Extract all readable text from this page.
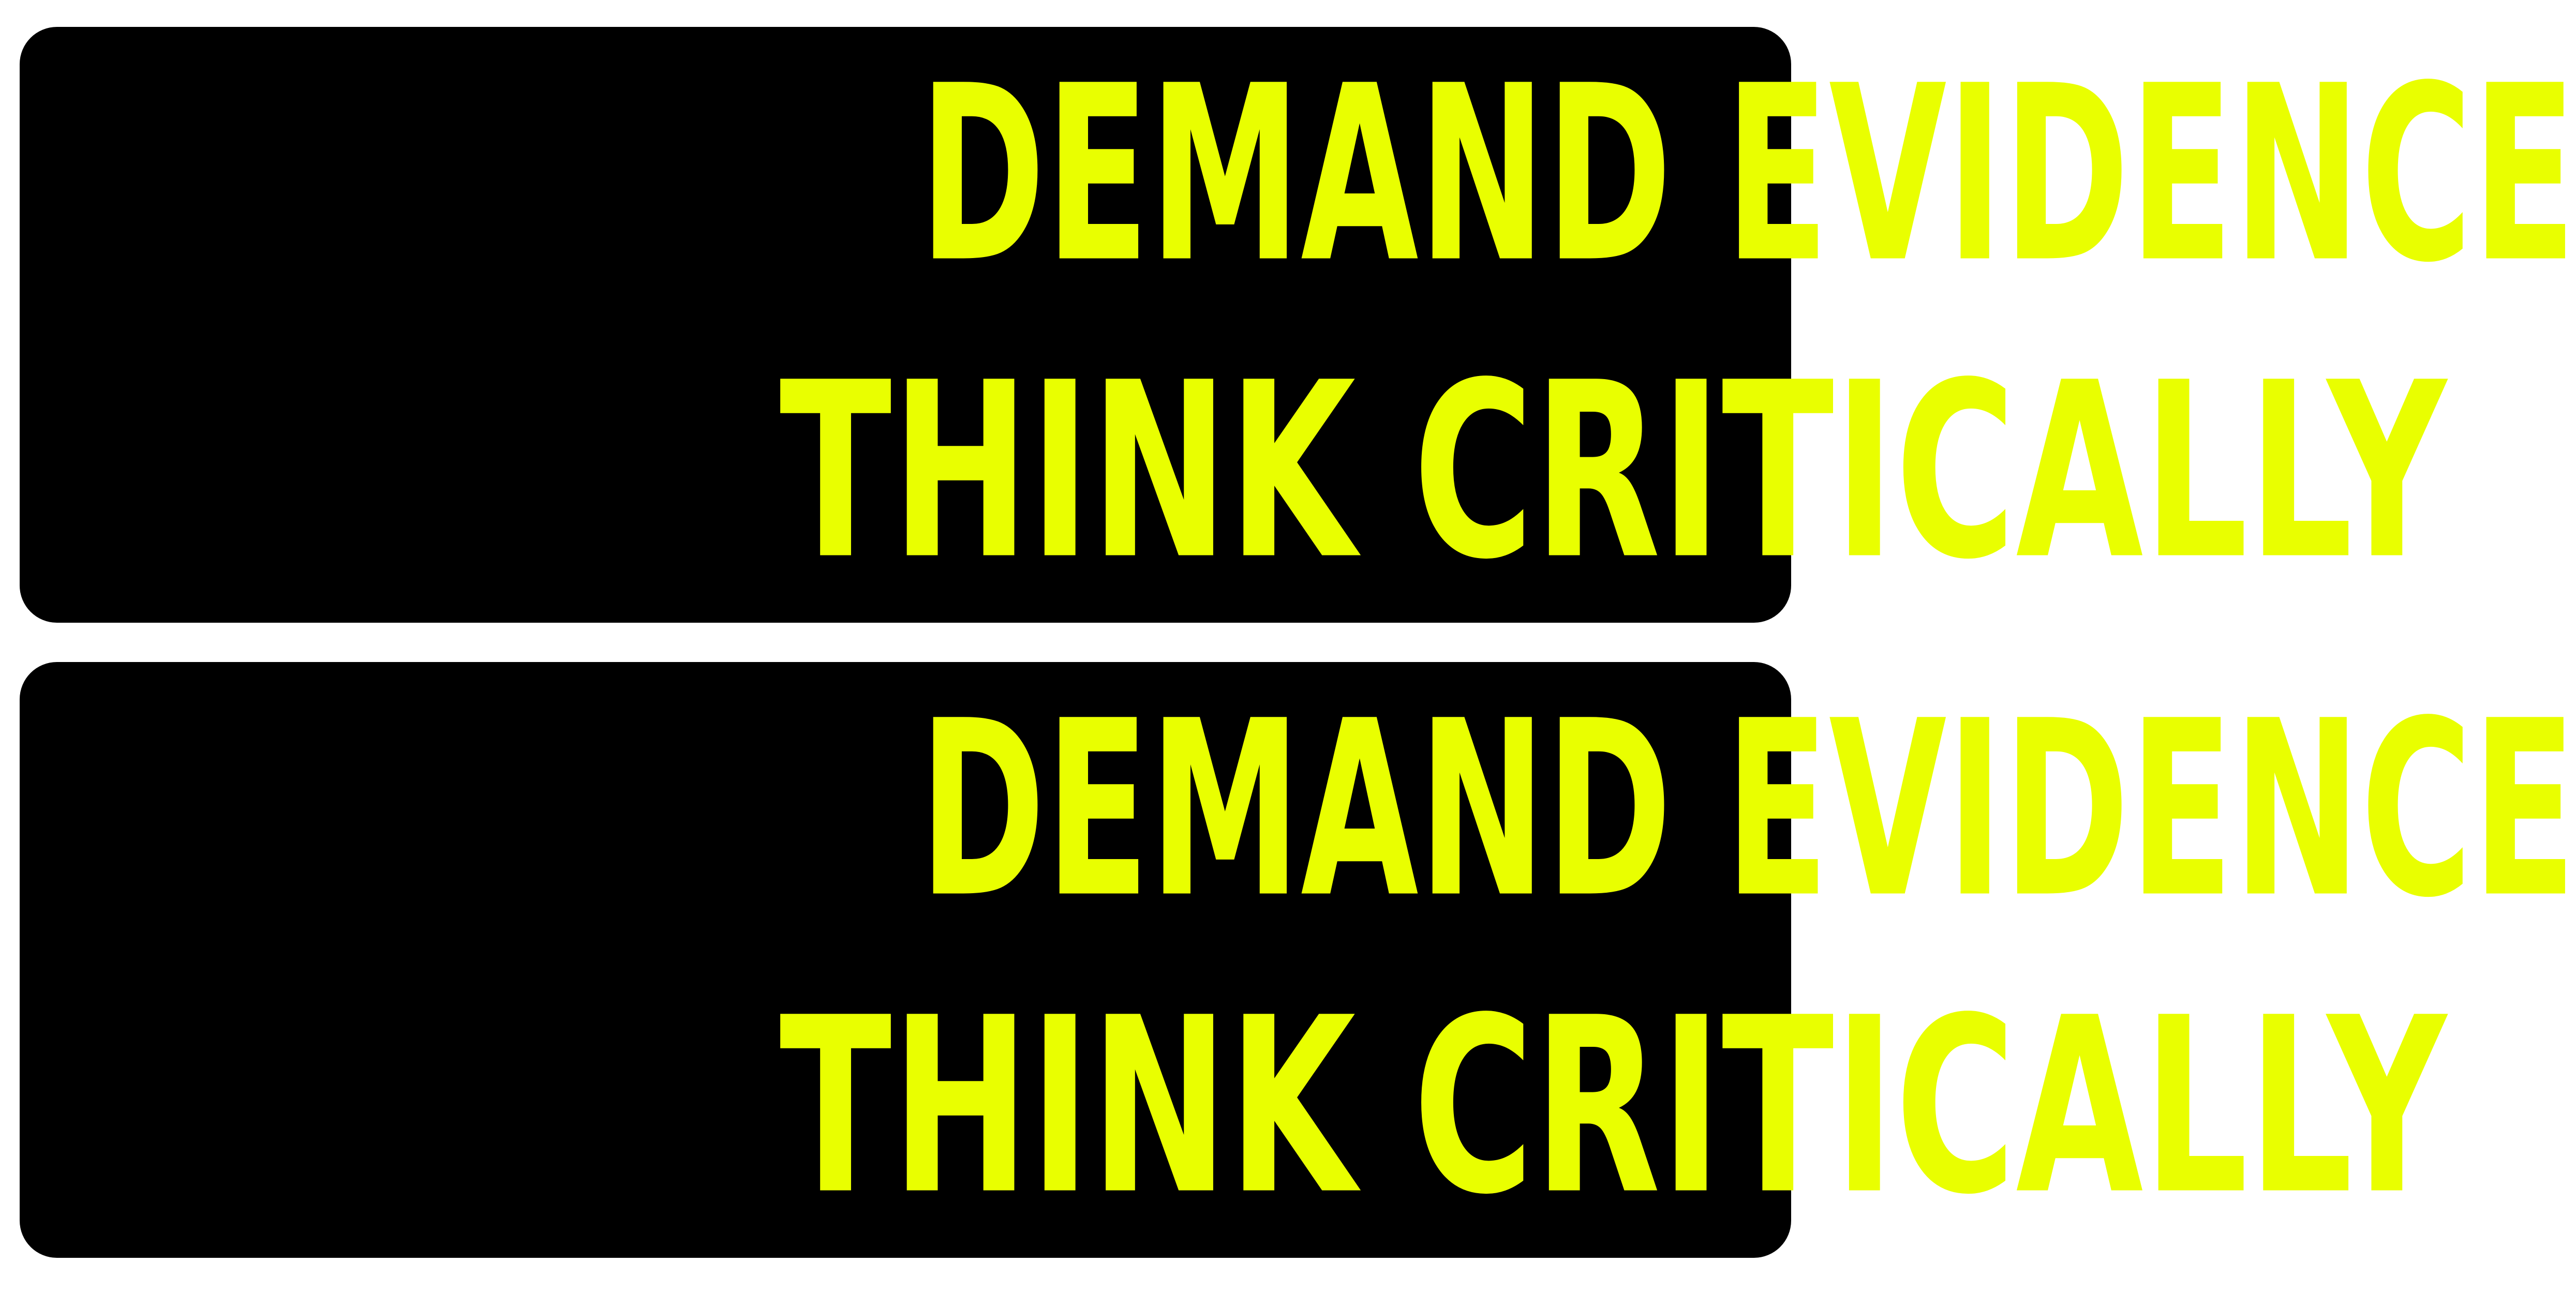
DEMAND EVIDENCE
THINK CRITICALLY
DEMAND EVIDENCE
THINK CRITICALLY
